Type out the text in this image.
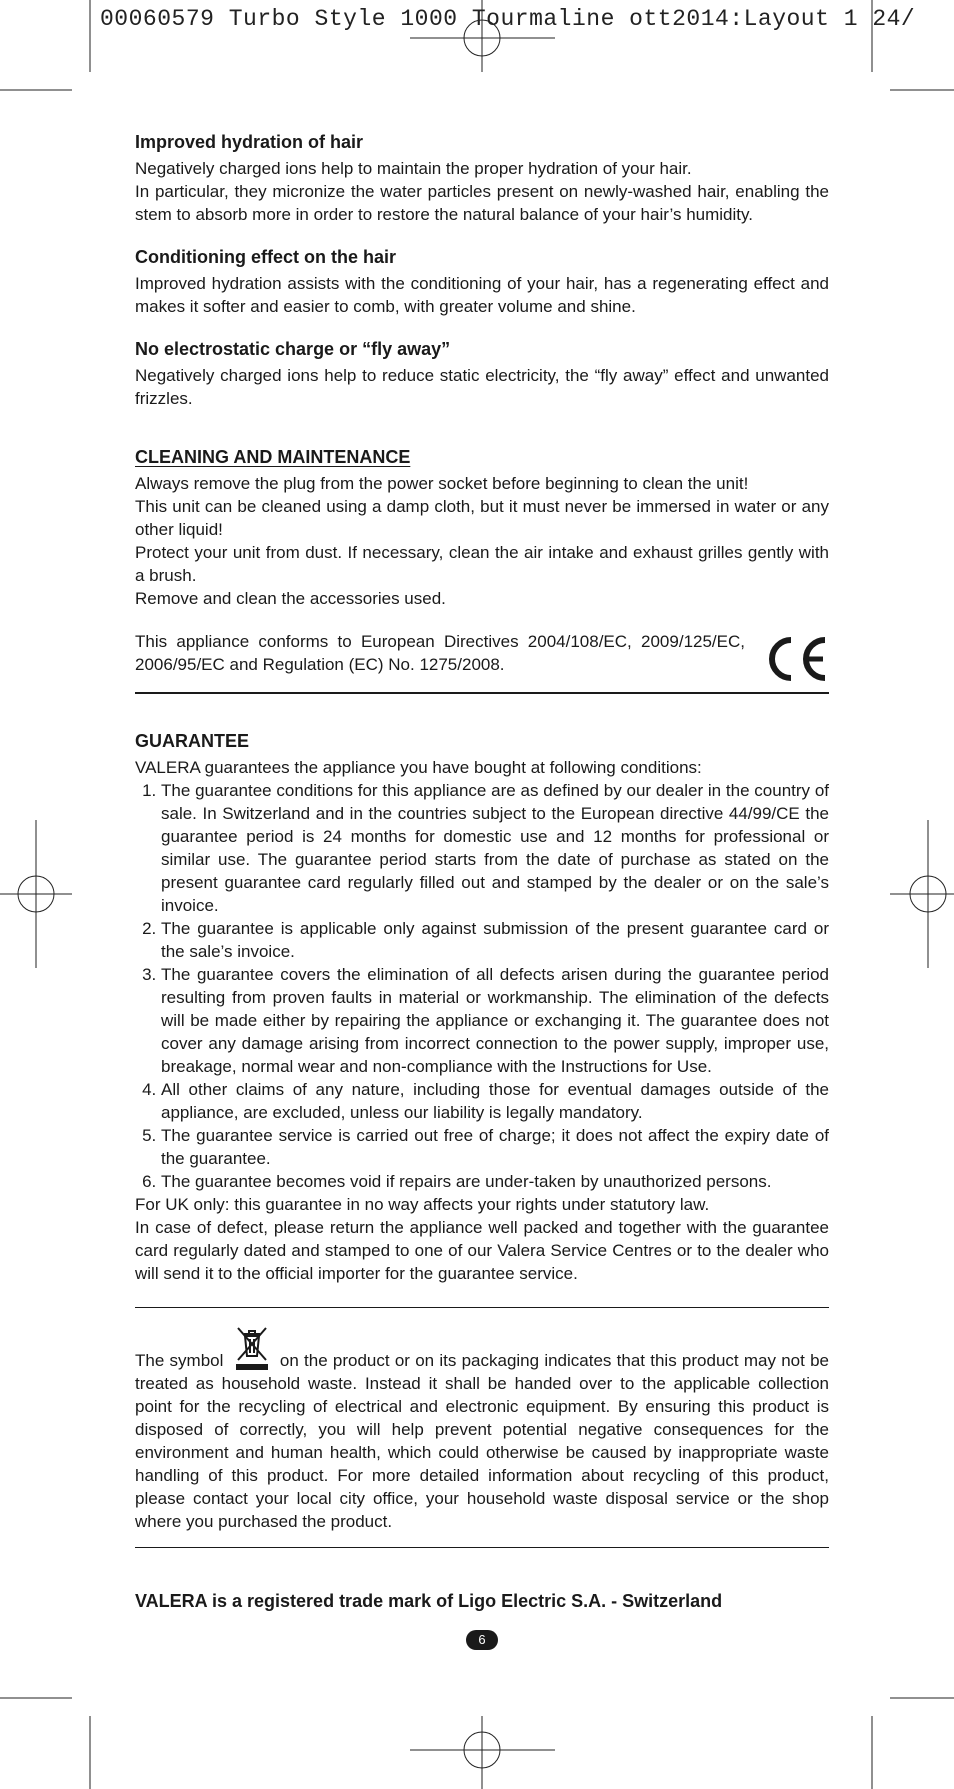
00060579 Turbo Style 1000 Tourmaline ott2014:Layout 1 24/
Improved hydration of hair

Negatively charged ions help to maintain the proper hydration of your hair.

In particular, they micronize the water particles present on newly-washed hair, enabling the stem to absorb more in order to restore the natural balance of your hair’s humidity.

Conditioning effect on the hair

Improved hydration assists with the conditioning of your hair, has a regenerating effect and makes it softer and easier to comb, with greater volume and shine.

No electrostatic charge or “fly away”

Negatively charged ions help to reduce static electricity, the “fly away” effect and unwanted frizzles.

CLEANING AND MAINTENANCE

Always remove the plug from the power socket before beginning to clean the unit!

This unit can be cleaned using a damp cloth, but it must never be immersed in water or any other liquid!

Protect your unit from dust. If necessary, clean the air intake and exhaust grilles gently with a brush.

Remove and clean the accessories used.

This appliance conforms to European Directives 2004/108/EC, 2009/125/EC, 2006/95/EC and Regulation (EC) No. 1275/2008.

GUARANTEE

VALERA guarantees the appliance you have bought at following conditions:

1. The guarantee conditions for this appliance are as defined by our dealer in the country of sale. In Switzerland and in the countries subject to the European directive 44/99/CE the guarantee period is 24 months for domestic use and 12 months for professional or similar use. The guarantee period starts from the date of purchase as stated on the present guarantee card regularly filled out and stamped by the dealer or on the sale’s invoice.
2. The guarantee is applicable only against submission of the present guarantee card or the sale’s invoice.
3. The guarantee covers the elimination of all defects arisen during the guarantee period resulting from proven faults in material or workmanship. The elimination of the defects will be made either by repairing the appliance or exchanging it. The guarantee does not cover any damage arising from incorrect connection to the power supply, improper use, breakage, normal wear and non-compliance with the Instructions for Use.
4. All other claims of any nature, including those for eventual damages outside of the appliance, are excluded, unless our liability is legally mandatory.
5. The guarantee service is carried out free of charge; it does not affect the expiry date of the guarantee.
6. The guarantee becomes void if repairs are under-taken by unauthorized persons.

For UK only: this guarantee in no way affects your rights under statutory law.

In case of defect, please return the appliance well packed and together with the guarantee card regularly dated and stamped to one of our Valera Service Centres or to the dealer who will send it to the official importer for the guarantee service.

The symbol	on the product or on its packaging indicates that this product may not be treated as household waste. Instead it shall be handed over to the applicable collection point for the recycling of electrical and electronic equipment. By ensuring this product is disposed of correctly, you will help prevent potential negative consequences for the environment and human health, which could otherwise be caused by inappropriate waste handling of this product. For more detailed information about recycling of this product, please contact your local city office, your household waste disposal service or the shop where you purchased the product.

VALERA is a registered trade mark of Ligo Electric S.A. - Switzerland
6
